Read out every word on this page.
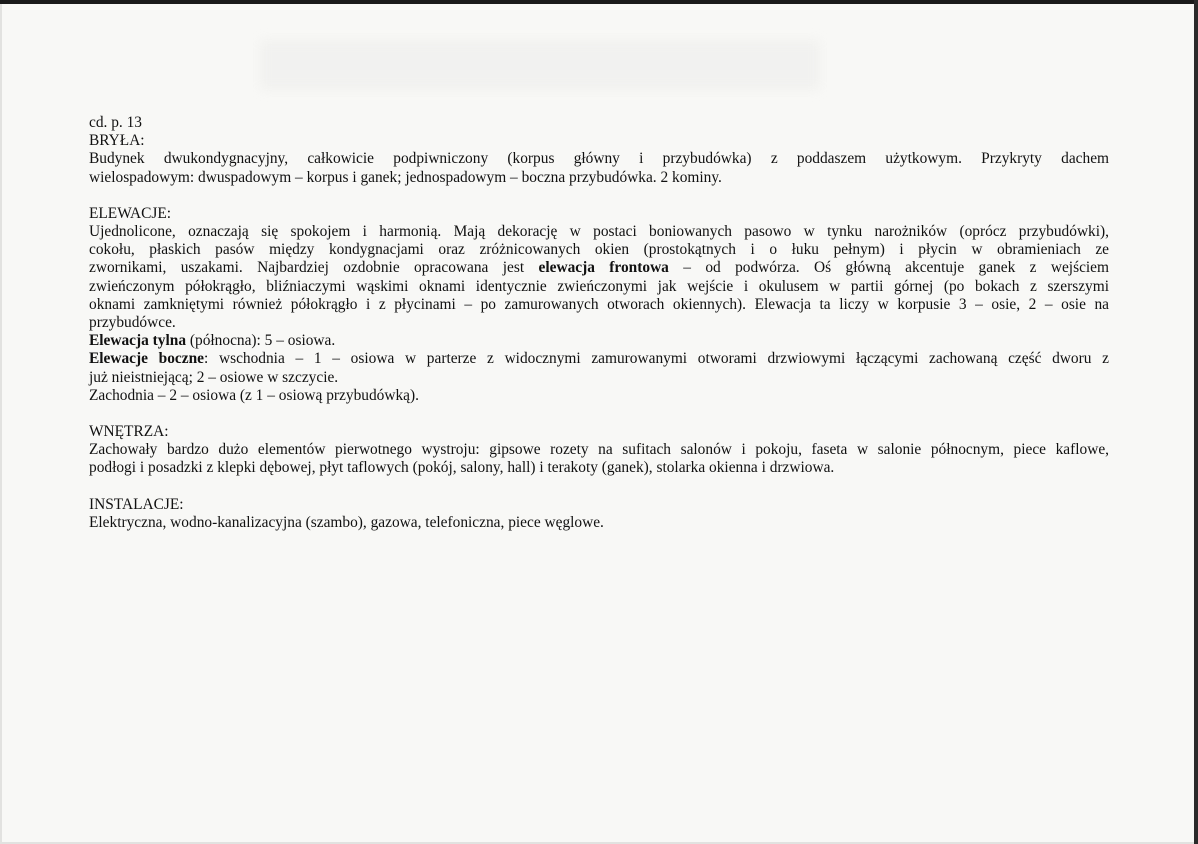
cd. p. 13
BRYŁA:
Budynek dwukondygnacyjny, całkowicie podpiwniczony (korpus główny i przybudówka) z poddaszem użytkowym. Przykryty dachem
wielospadowym: dwuspadowym – korpus i ganek; jednospadowym – boczna przybudówka. 2 kominy.
ELEWACJE:
Ujednolicone, oznaczają się spokojem i harmonią. Mają dekorację w postaci boniowanych pasowo w tynku narożników (oprócz przybudówki),
cokołu, płaskich pasów między kondygnacjami oraz zróżnicowanych okien (prostokątnych i o łuku pełnym) i płycin w obramieniach ze
zwornikami, uszakami. Najbardziej ozdobnie opracowana jest elewacja frontowa – od podwórza. Oś główną akcentuje ganek z wejściem
zwieńczonym półokrągło, bliźniaczymi wąskimi oknami identycznie zwieńczonymi jak wejście i okulusem w partii górnej (po bokach z szerszymi
oknami zamkniętymi również półokrągło i z płycinami – po zamurowanych otworach okiennych). Elewacja ta liczy w korpusie 3 – osie, 2 – osie na
przybudówce.
Elewacja tylna (północna): 5 – osiowa.
Elewacje boczne: wschodnia – 1 – osiowa w parterze z widocznymi zamurowanymi otworami drzwiowymi łączącymi zachowaną część dworu z
już nieistniejącą; 2 – osiowe w szczycie.
Zachodnia – 2 – osiowa (z 1 – osiową przybudówką).
WNĘTRZA:
Zachowały bardzo dużo elementów pierwotnego wystroju: gipsowe rozety na sufitach salonów i pokoju, faseta w salonie północnym, piece kaflowe,
podłogi i posadzki z klepki dębowej, płyt taflowych (pokój, salony, hall) i terakoty (ganek), stolarka okienna i drzwiowa.
INSTALACJE:
Elektryczna, wodno-kanalizacyjna (szambo), gazowa, telefoniczna, piece węglowe.
